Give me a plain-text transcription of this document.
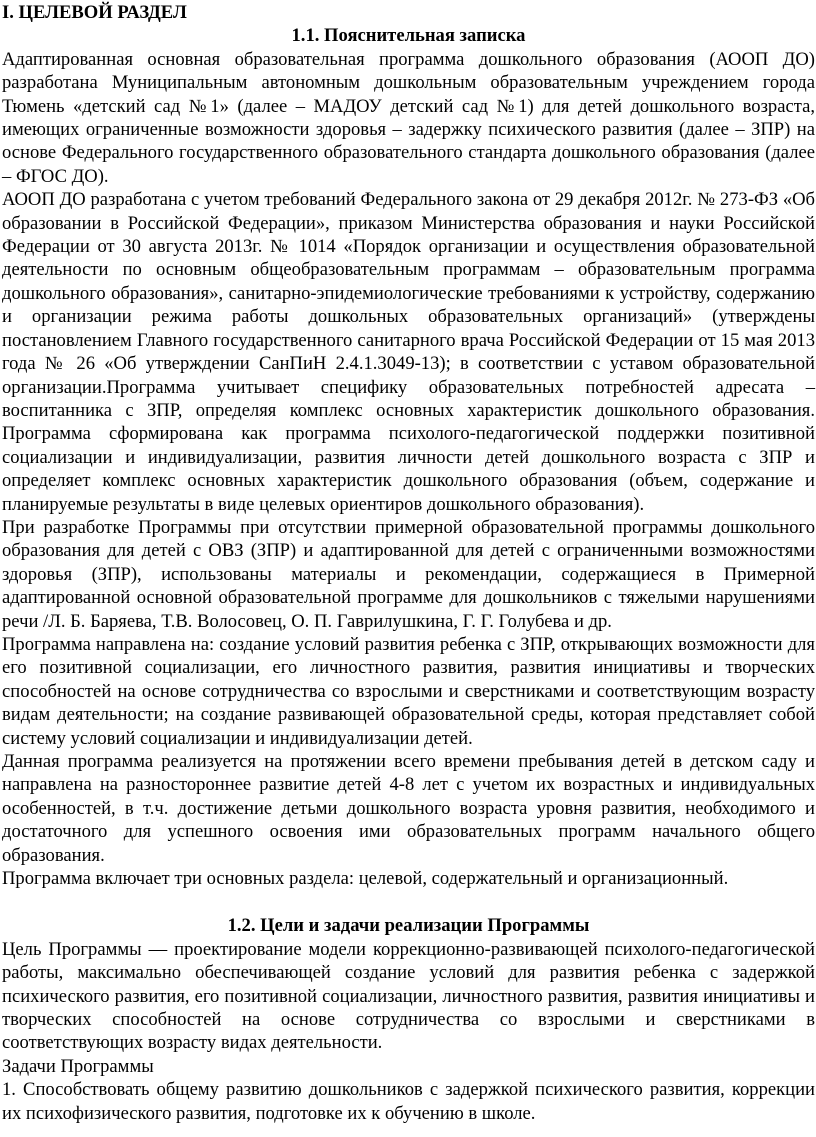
I. ЦЕЛЕВОЙ РАЗДЕЛ

1.1. Пояснительная записка

Адаптированная основная образовательная программа дошкольного образования (АООП ДО) разработана Муниципальным автономным дошкольным образовательным учреждением города Тюмень «детский сад №1» (далее – МАДОУ детский сад №1) для детей дошкольного возраста, имеющих ограниченные возможности здоровья – задержку психического развития (далее – ЗПР) на основе Федерального государственного образовательного стандарта дошкольного образования (далее – ФГОС ДО).

АООП ДО разработана с учетом требований Федерального закона от 29 декабря 2012г. № 273-ФЗ «Об образовании в Российской Федерации», приказом Министерства образования и науки Российской Федерации от 30 августа 2013г. № 1014 «Порядок организации и осуществления образовательной деятельности по основным общеобразовательным программам – образовательным программа дошкольного образования», санитарно-эпидемиологические требованиями к устройству, содержанию и организации режима работы дошкольных образовательных организаций» (утверждены постановлением Главного государственного санитарного врача Российской Федерации от 15 мая 2013 года № 26 «Об утверждении СанПиН 2.4.1.3049-13); в соответствии с уставом образовательной организации.Программа учитывает специфику образовательных потребностей адресата – воспитанника с ЗПР, определяя комплекс основных характеристик дошкольного образования. Программа сформирована как программа психолого-педагогической поддержки позитивной социализации и индивидуализации, развития личности детей дошкольного возраста с ЗПР и определяет комплекс основных характеристик дошкольного образования (объем, содержание и планируемые результаты в виде целевых ориентиров дошкольного образования).

При разработке Программы при отсутствии примерной образовательной программы дошкольного образования для детей с ОВЗ (ЗПР) и адаптированной для детей с ограниченными возможностями здоровья (ЗПР), использованы материалы и рекомендации, содержащиеся в Примерной адаптированной основной образовательной программе для дошкольников с тяжелыми нарушениями речи /Л. Б. Баряева, Т.В. Волосовец, О. П. Гаврилушкина, Г. Г. Голубева и др.

Программа направлена на: создание условий развития ребенка с ЗПР, открывающих возможности для его позитивной социализации, его личностного развития, развития инициативы и творческих способностей на основе сотрудничества со взрослыми и сверстниками и соответствующим возрасту видам деятельности; на создание развивающей образовательной среды, которая представляет собой систему условий социализации и индивидуализации детей.

Данная программа реализуется на протяжении всего времени пребывания детей в детском саду и направлена на разностороннее развитие детей 4-8 лет с учетом их возрастных и индивидуальных особенностей, в т.ч. достижение детьми дошкольного возраста уровня развития, необходимого и достаточного для успешного освоения ими образовательных программ начального общего образования.

Программа включает три основных раздела: целевой, содержательный и организационный.

1.2. Цели и задачи реализации Программы

Цель Программы — проектирование модели коррекционно-развивающей психолого-педагогической работы, максимально обеспечивающей создание условий для развития ребенка с задержкой психического развития, его позитивной социализации, личностного развития, развития инициативы и творческих способностей на основе сотрудничества со взрослыми и сверстниками в соответствующих возрасту видах деятельности.

Задачи Программы

1. Способствовать общему развитию дошкольников с задержкой психического развития, коррекции их психофизического развития, подготовке их к обучению в школе.
